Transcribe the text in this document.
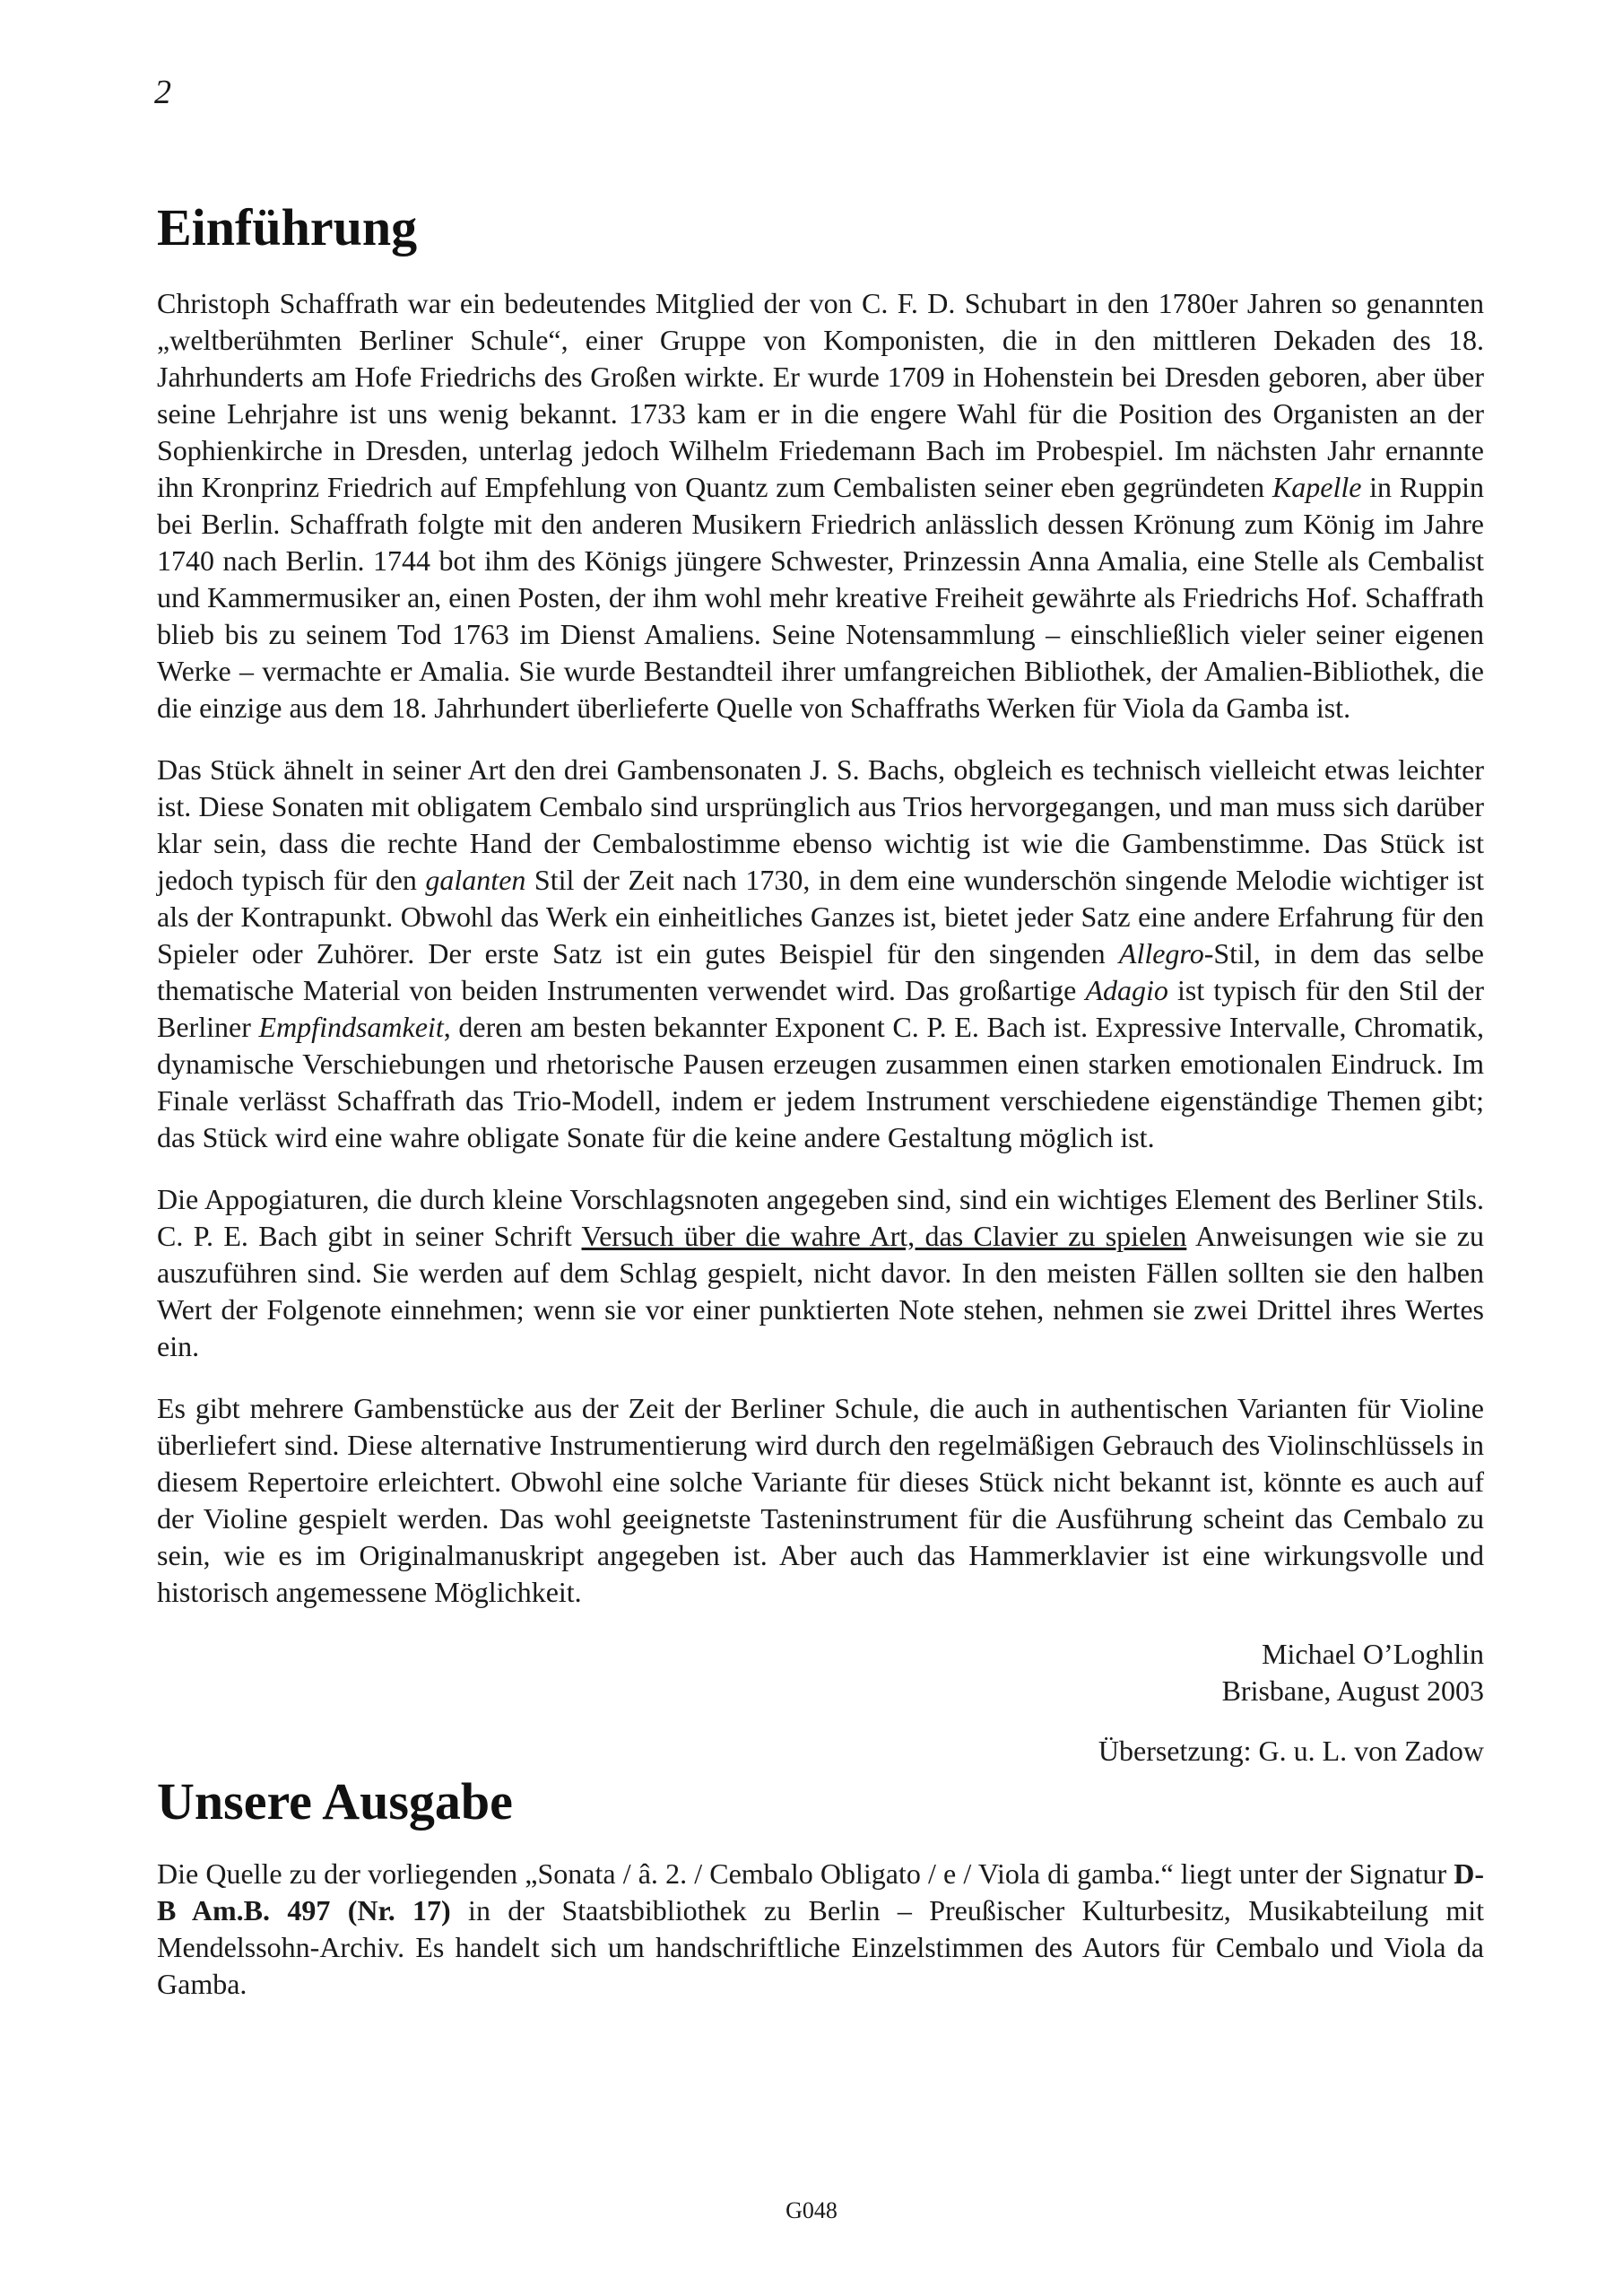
2
Einführung

Christoph Schaffrath war ein bedeutendes Mitglied der von C. F. D. Schubart in den 1780er Jahren so genannten „weltberühmten Berliner Schule“, einer Gruppe von Komponisten, die in den mittleren Dekaden des 18. Jahrhunderts am Hofe Friedrichs des Großen wirkte. Er wurde 1709 in Hohenstein bei Dresden geboren, aber über seine Lehrjahre ist uns wenig bekannt. 1733 kam er in die engere Wahl für die Position des Organisten an der Sophienkirche in Dresden, unterlag jedoch Wilhelm Friedemann Bach im Probespiel. Im nächsten Jahr ernannte ihn Kronprinz Friedrich auf Empfehlung von Quantz zum Cembalisten seiner eben gegründeten Kapelle in Ruppin bei Berlin. Schaffrath folgte mit den anderen Musikern Friedrich anlässlich dessen Krönung zum König im Jahre 1740 nach Berlin. 1744 bot ihm des Königs jüngere Schwester, Prinzessin Anna Amalia, eine Stelle als Cembalist und Kammermusiker an, einen Posten, der ihm wohl mehr kreative Freiheit gewährte als Friedrichs Hof. Schaffrath blieb bis zu seinem Tod 1763 im Dienst Amaliens. Seine Notensammlung – einschließlich vieler seiner eigenen Werke – vermachte er Amalia. Sie wurde Bestandteil ihrer umfangreichen Bibliothek, der Amalien-Bibliothek, die die einzige aus dem 18. Jahrhundert überlieferte Quelle von Schaffraths Werken für Viola da Gamba ist.

Das Stück ähnelt in seiner Art den drei Gambensonaten J. S. Bachs, obgleich es technisch vielleicht etwas leichter ist. Diese Sonaten mit obligatem Cembalo sind ursprünglich aus Trios hervorgegangen, und man muss sich darüber klar sein, dass die rechte Hand der Cembalostimme ebenso wichtig ist wie die Gambenstimme. Das Stück ist jedoch typisch für den galanten Stil der Zeit nach 1730, in dem eine wunderschön singende Melodie wichtiger ist als der Kontrapunkt. Obwohl das Werk ein einheitliches Ganzes ist, bietet jeder Satz eine andere Erfahrung für den Spieler oder Zuhörer. Der erste Satz ist ein gutes Beispiel für den singenden Allegro-Stil, in dem das selbe thematische Material von beiden Instrumenten verwendet wird. Das großartige Adagio ist typisch für den Stil der Berliner Empfindsamkeit, deren am besten bekannter Exponent C. P. E. Bach ist. Expressive Intervalle, Chromatik, dynamische Verschiebungen und rhetorische Pausen erzeugen zusammen einen starken emotionalen Eindruck. Im Finale verlässt Schaffrath das Trio-Modell, indem er jedem Instrument verschiedene eigenständige Themen gibt; das Stück wird eine wahre obligate Sonate für die keine andere Gestaltung möglich ist.

Die Appogiaturen, die durch kleine Vorschlagsnoten angegeben sind, sind ein wichtiges Element des Berliner Stils. C. P. E. Bach gibt in seiner Schrift Versuch über die wahre Art, das Clavier zu spielen Anweisungen wie sie zu auszuführen sind. Sie werden auf dem Schlag gespielt, nicht davor. In den meisten Fällen sollten sie den halben Wert der Folgenote einnehmen; wenn sie vor einer punktierten Note stehen, nehmen sie zwei Drittel ihres Wertes ein.

Es gibt mehrere Gambenstücke aus der Zeit der Berliner Schule, die auch in authentischen Varianten für Violine überliefert sind. Diese alternative Instrumentierung wird durch den regelmäßigen Gebrauch des Violinschlüssels in diesem Repertoire erleichtert. Obwohl eine solche Variante für dieses Stück nicht bekannt ist, könnte es auch auf der Violine gespielt werden. Das wohl geeignetste Tasteninstrument für die Ausführung scheint das Cembalo zu sein, wie es im Originalmanuskript angegeben ist. Aber auch das Hammerklavier ist eine wirkungsvolle und historisch angemessene Möglichkeit.

Michael O’Loghlin
Brisbane, August 2003
Übersetzung: G. u. L. von Zadow
Unsere Ausgabe

Die Quelle zu der vorliegenden „Sonata / â. 2. / Cembalo Obligato / e / Viola di gamba.“ liegt unter der Signatur D-B Am.B. 497 (Nr. 17) in der Staatsbibliothek zu Berlin – Preußischer Kulturbesitz, Musikabteilung mit Mendelssohn-Archiv. Es handelt sich um handschriftliche Einzelstimmen des Autors für Cembalo und Viola da Gamba.

G048
